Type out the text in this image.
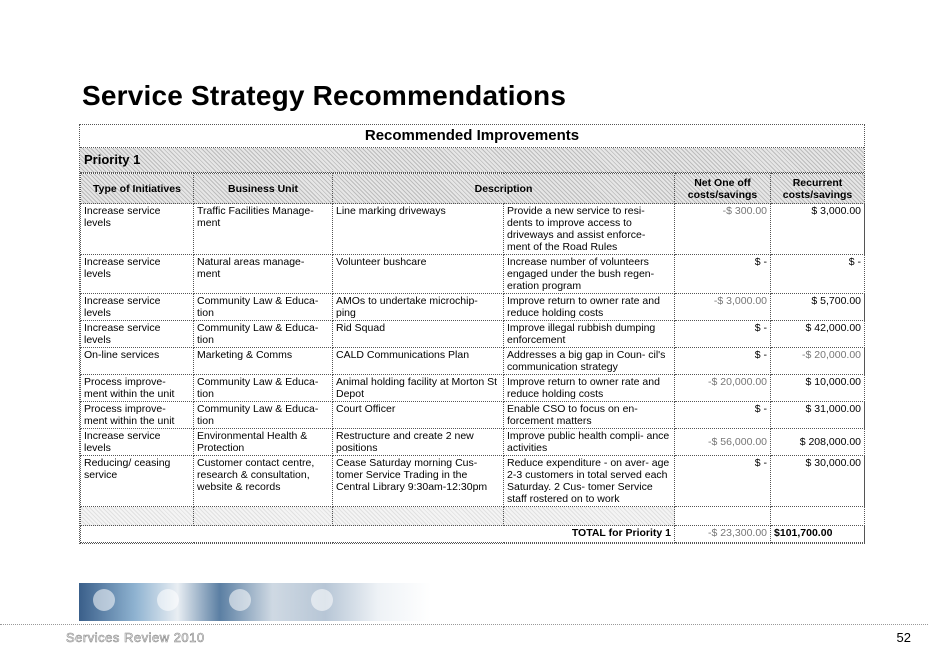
Service Strategy Recommendations
Recommended Improvements
Priority 1
Type of Initiatives	Business Unit	Description		Net One off costs/savings	Recurrent costs/savings
Increase service levels	Traffic Facilities Manage- ment	Line marking driveways	Provide a new service to resi- dents to improve access to driveways and assist enforce- ment of the Road Rules	-$ 300.00	$ 3,000.00
Increase service levels	Natural areas manage- ment	Volunteer bushcare	Increase number of volunteers engaged under the bush regen- eration program	$ -	$ -
Increase service levels	Community Law & Educa- tion	AMOs to undertake microchip- ping	Improve return to owner rate and reduce holding costs	-$ 3,000.00	$ 5,700.00
Increase service levels	Community Law & Educa- tion	Rid Squad	Improve illegal rubbish dumping enforcement	$ -	$ 42,000.00
On-line services	Marketing & Comms	CALD Communications Plan	Addresses a big gap in Coun- cil's communication strategy	$ -	-$ 20,000.00
Process improve- ment within the unit	Community Law & Educa- tion	Animal holding facility at Morton St Depot	Improve return to owner rate and reduce holding costs	-$ 20,000.00	$ 10,000.00
Process improve- ment within the unit	Community Law & Educa- tion	Court Officer	Enable CSO to focus on en- forcement matters	$ -	$ 31,000.00
Increase service levels	Environmental Health & Protection	Restructure and create 2 new positions	Improve public health compli- ance activities	-$ 56,000.00	$ 208,000.00
Reducing/ ceasing service	Customer contact centre, research & consultation, website & records	Cease Saturday morning Cus- tomer Service Trading in the Central Library 9:30am-12:30pm	Reduce expenditure - on aver- age 2-3 customers in total served each Saturday. 2 Cus- tomer Service staff rostered on to work	$ -	$ 30,000.00

TOTAL for Priority 1				-$ 23,300.00	$101,700.00
Services Review 2010	52
